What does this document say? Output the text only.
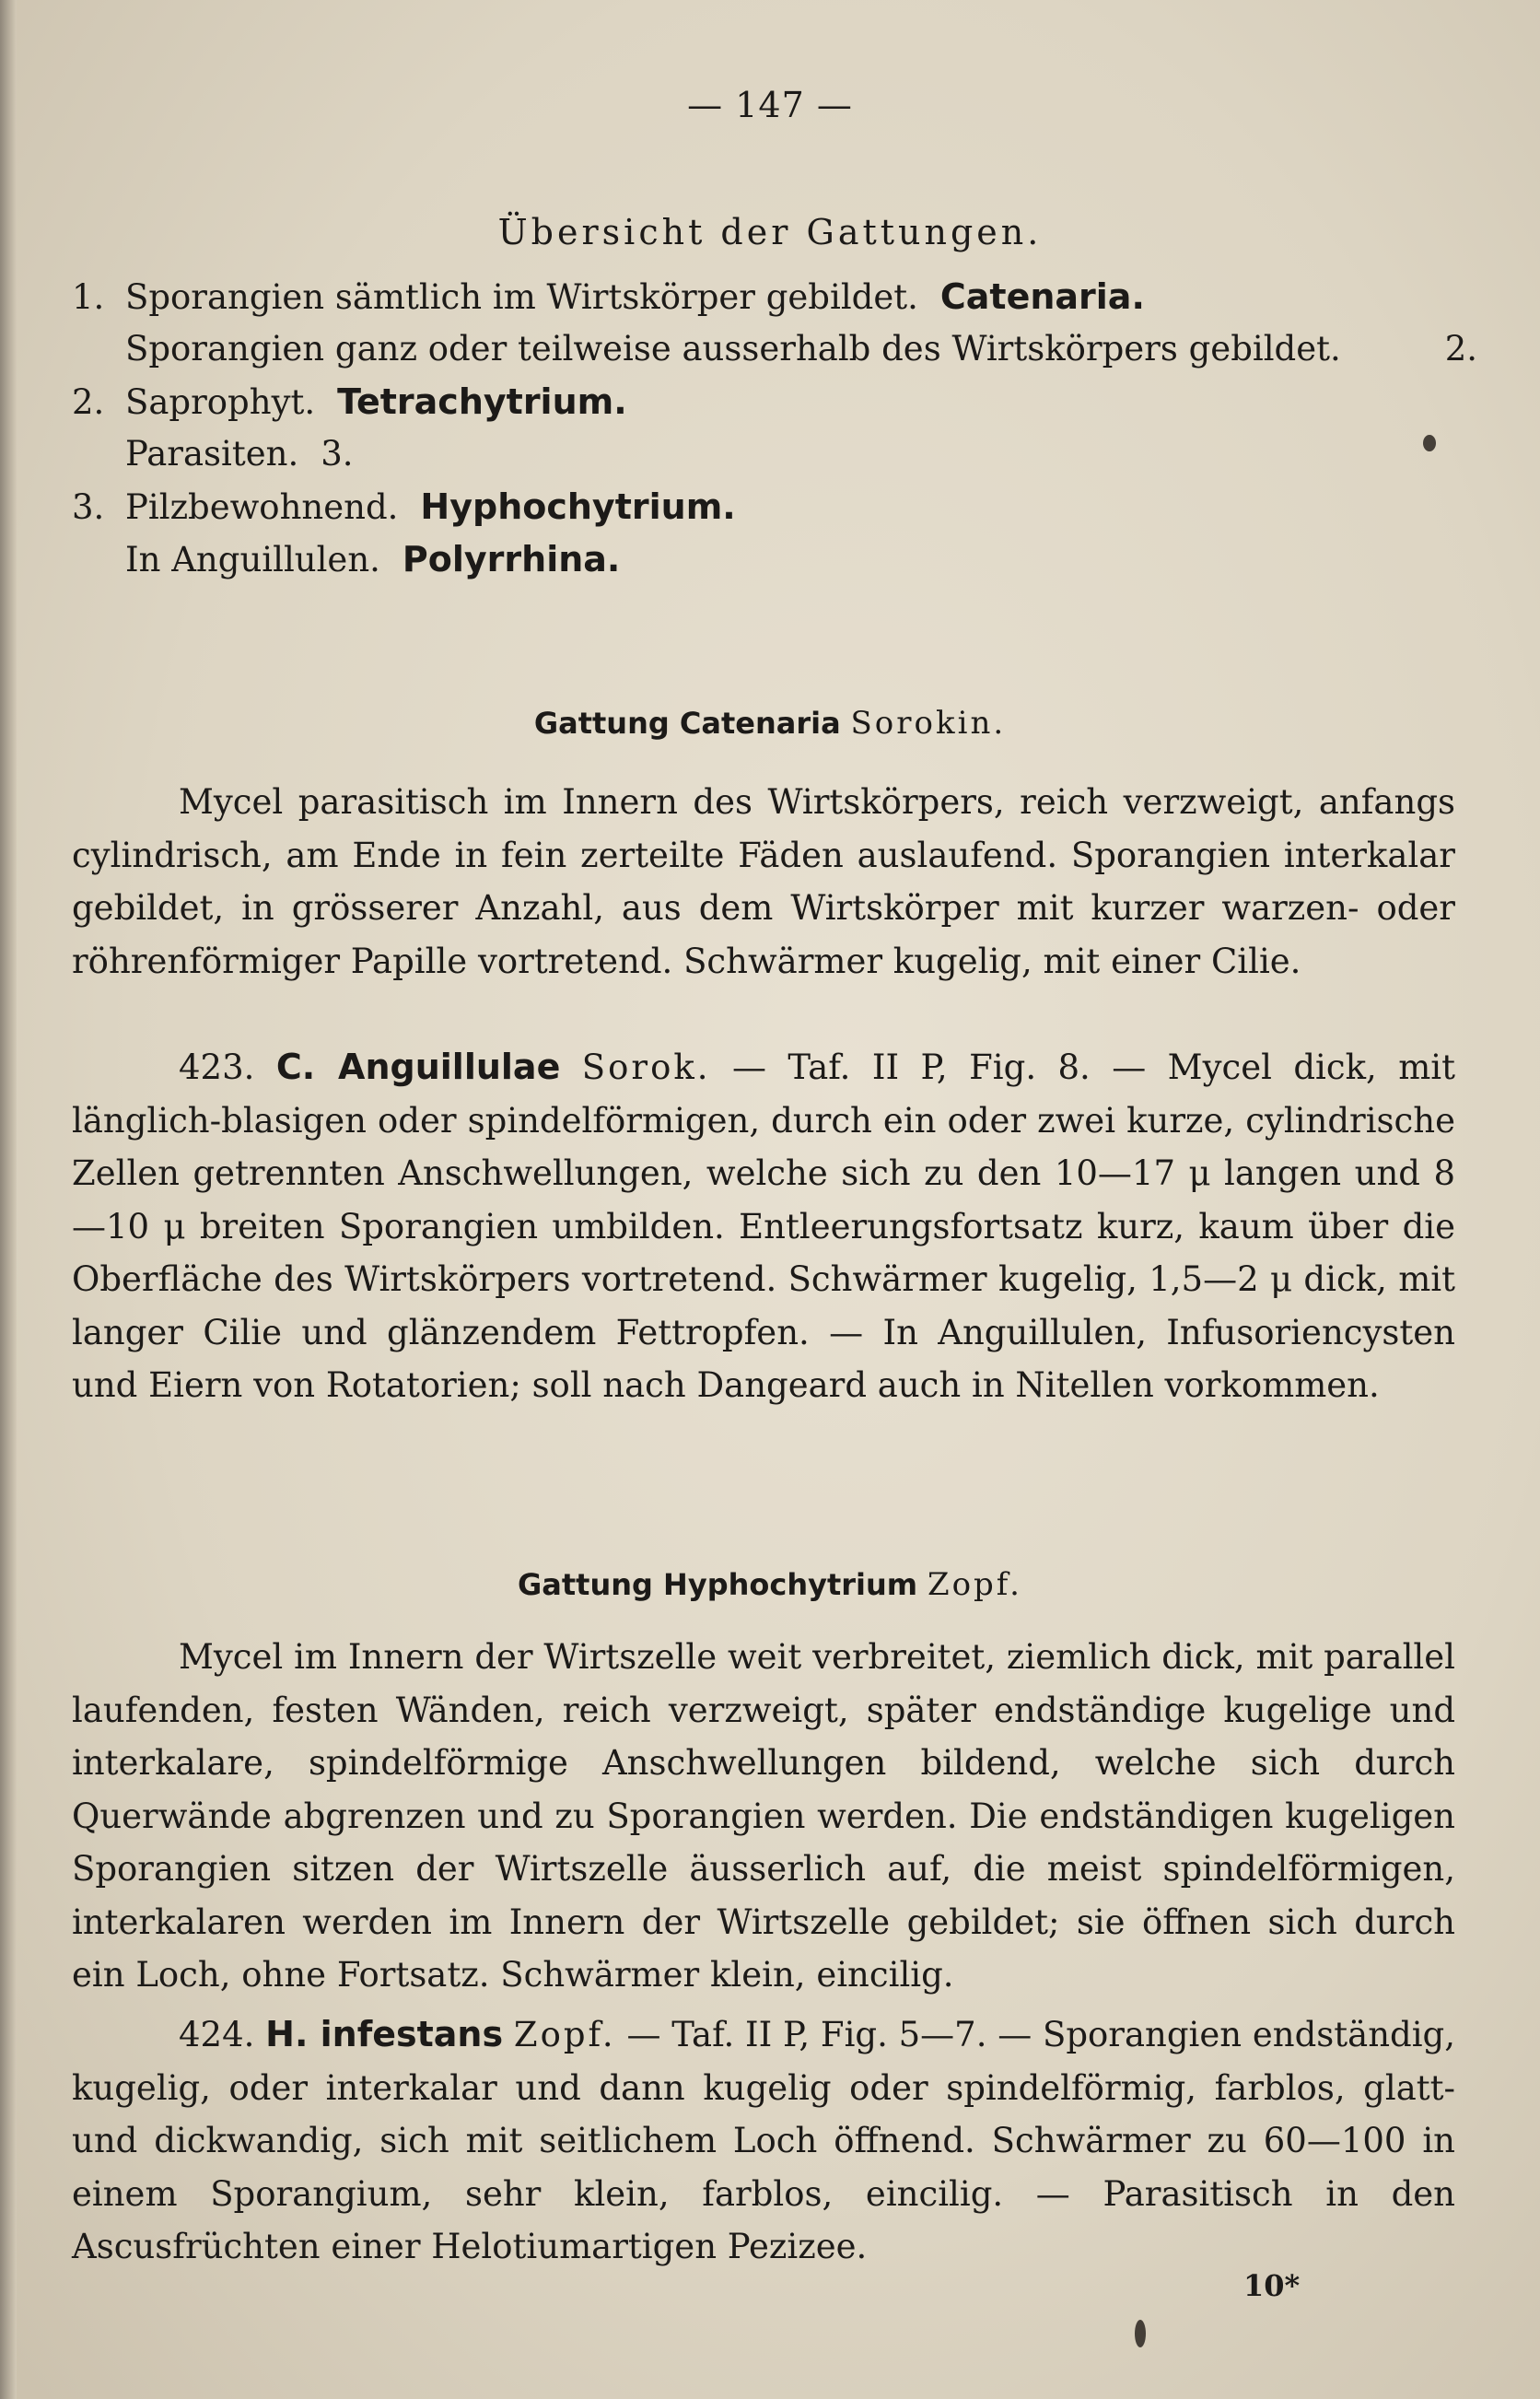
— 147 —
Übersicht der Gattungen.
1. Sporangien sämtlich im Wirtskörper gebildet. Catenaria.
Sporangien ganz oder teilweise ausserhalb des Wirtskörpers gebildet.	2.
2. Saprophyt. Tetrachytrium.
Parasiten. 3.
3. Pilzbewohnend. Hyphochytrium.
In Anguillulen. Polyrrhina.
Gattung Catenaria Sorokin.

Mycel parasitisch im Innern des Wirtskörpers, reich verzweigt, anfangs cylindrisch, am Ende in fein zerteilte Fäden auslaufend. Sporangien interkalar gebildet, in grösserer Anzahl, aus dem Wirtskörper mit kurzer warzen- oder röhrenförmiger Papille vortretend. Schwärmer kugelig, mit einer Cilie.

423. C. Anguillulae Sorok. — Taf. II P, Fig. 8. — Mycel dick, mit länglich-blasigen oder spindelförmigen, durch ein oder zwei kurze, cylindrische Zellen getrennten Anschwellungen, welche sich zu den 10—17 μ langen und 8—10 μ breiten Sporangien umbilden. Entleerungsfortsatz kurz, kaum über die Oberfläche des Wirtskörpers vortretend. Schwärmer kugelig, 1,5—2 μ dick, mit langer Cilie und glänzendem Fettropfen. — In Anguillulen, Infusoriencysten und Eiern von Rotatorien; soll nach Dangeard auch in Nitellen vorkommen.

Gattung Hyphochytrium Zopf.

Mycel im Innern der Wirtszelle weit verbreitet, ziemlich dick, mit parallel laufenden, festen Wänden, reich verzweigt, später endständige kugelige und interkalare, spindelförmige Anschwellungen bildend, welche sich durch Querwände abgrenzen und zu Sporangien werden. Die endständigen kugeligen Sporangien sitzen der Wirtszelle äusserlich auf, die meist spindelförmigen, interkalaren werden im Innern der Wirtszelle gebildet; sie öffnen sich durch ein Loch, ohne Fortsatz. Schwärmer klein, eincilig.

424. H. infestans Zopf. — Taf. II P, Fig. 5—7. — Sporangien endständig, kugelig, oder interkalar und dann kugelig oder spindelförmig, farblos, glatt- und dickwandig, sich mit seitlichem Loch öffnend. Schwärmer zu 60—100 in einem Sporangium, sehr klein, farblos, eincilig. — Parasitisch in den Ascusfrüchten einer Helotiumartigen Pezizee.

10*
